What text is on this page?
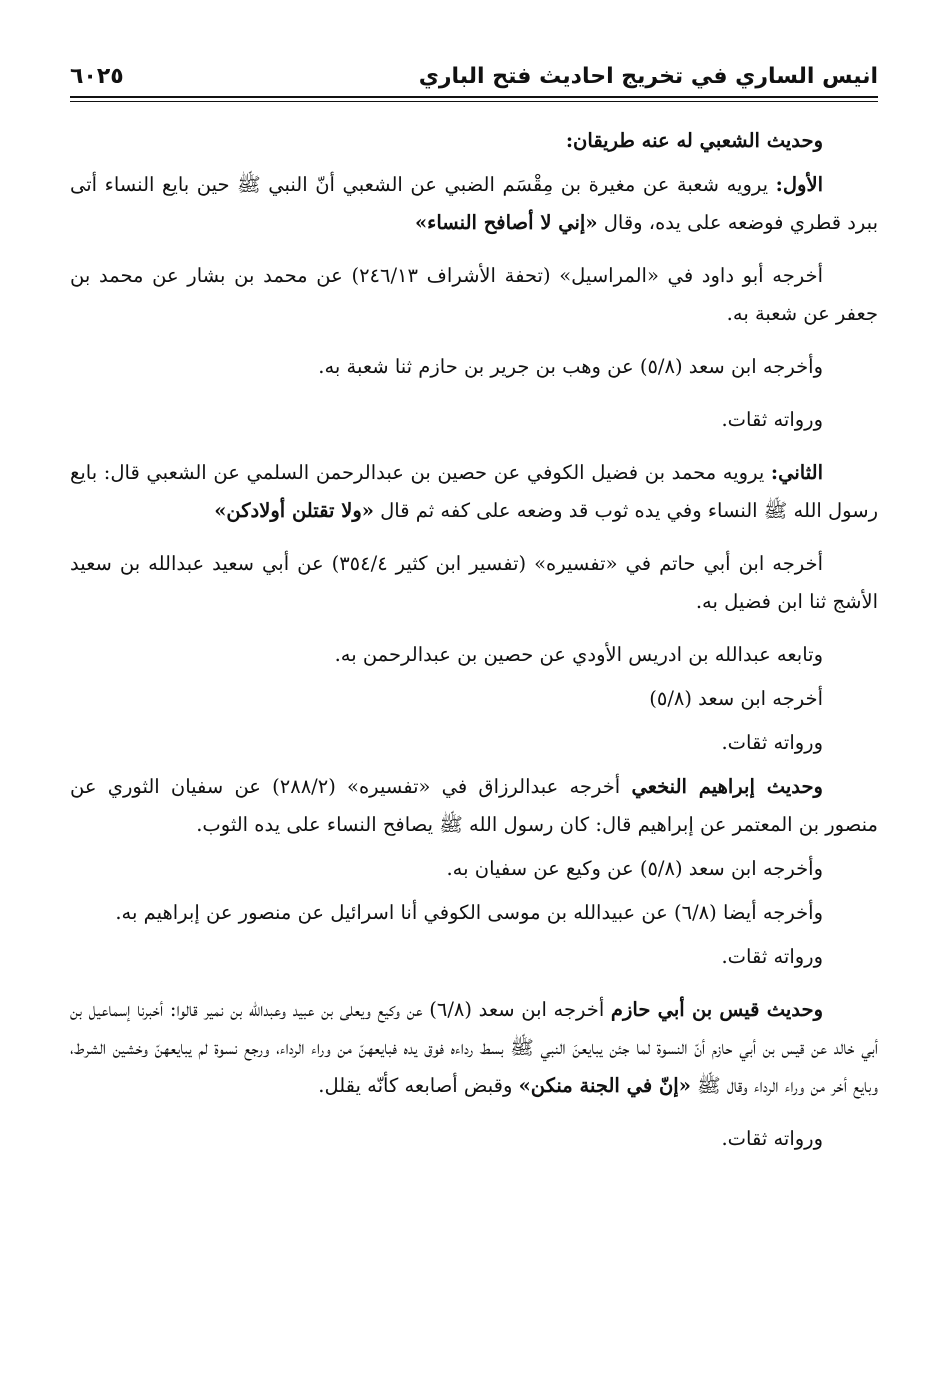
انيس الساري في تخريج احاديث فتح الباري
٦٠٢٥

وحديث الشعبي له عنه طريقان:

الأول: يرويه شعبة عن مغيرة بن مِقْسَم الضبي عن الشعبي أنّ النبي ﷺ حين بايع النساء أتى ببرد قطري فوضعه على يده، وقال «إني لا أصافح النساء»

أخرجه أبو داود في «المراسيل» (تحفة الأشراف ٢٤٦/١٣) عن محمد بن بشار عن محمد بن جعفر عن شعبة به.

وأخرجه ابن سعد (٥/٨) عن وهب بن جرير بن حازم ثنا شعبة به.

ورواته ثقات.

الثاني: يرويه محمد بن فضيل الكوفي عن حصين بن عبدالرحمن السلمي عن الشعبي قال: بايع رسول الله ﷺ النساء وفي يده ثوب قد وضعه على كفه ثم قال «ولا تقتلن أولادكن»

أخرجه ابن أبي حاتم في «تفسيره» (تفسير ابن كثير ٣٥٤/٤) عن أبي سعيد عبدالله بن سعيد الأشج ثنا ابن فضيل به.

وتابعه عبدالله بن ادريس الأودي عن حصين بن عبدالرحمن به.

أخرجه ابن سعد (٥/٨)

ورواته ثقات.

وحديث إبراهيم النخعي أخرجه عبدالرزاق في «تفسيره» (٢٨٨/٢) عن سفيان الثوري عن منصور بن المعتمر عن إبراهيم قال: كان رسول الله ﷺ يصافح النساء على يده الثوب.

وأخرجه ابن سعد (٥/٨) عن وكيع عن سفيان به.

وأخرجه أيضا (٦/٨) عن عبيدالله بن موسى الكوفي أنا اسرائيل عن منصور عن إبراهيم به.

ورواته ثقات.

وحديث قيس بن أبي حازم أخرجه ابن سعد (٦/٨) عن وكيع ويعلى بن عبيد وعبدالله بن نمير قالوا: أخبرنا إسماعيل بن أبي خالد عن قيس بن أبي حازم أنّ النسوة لما جئن يبايعنَ النبي ﷺ بسط رداءه فوق يده فبايعهنّ من وراء الرداء، ورجع نسوة لم يبايعهنّ وخشين الشرط، وبايع أخر من وراء الرداء وقال ﷺ «إنّ في الجنة منكن» وقبض أصابعه كأنّه يقلل.

ورواته ثقات.
